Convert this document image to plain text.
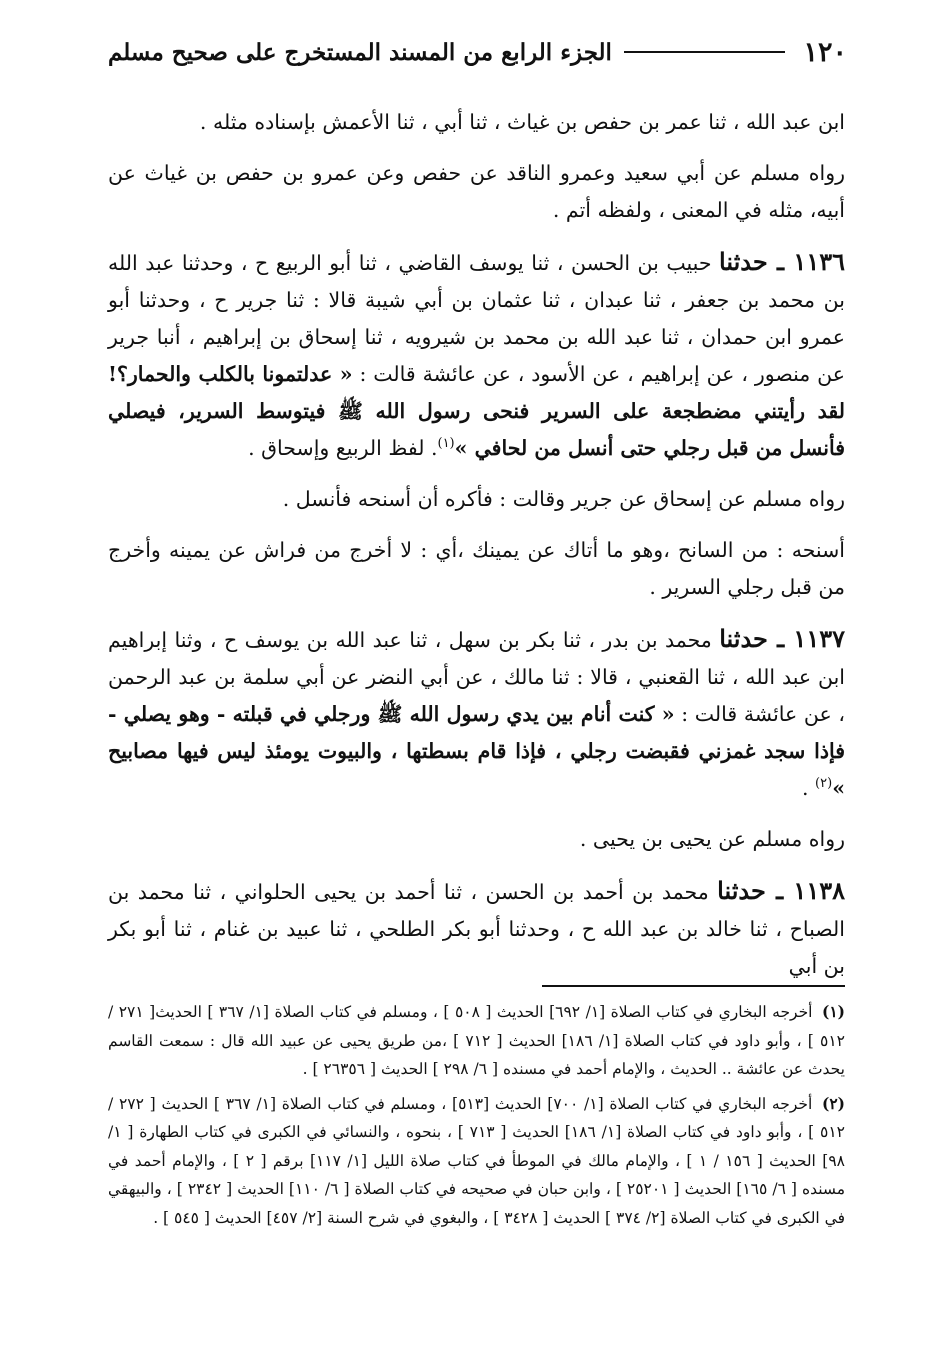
١٢٠
الجزء الرابع من المسند المستخرج على صحيح مسلم

ابن عبد الله ، ثنا عمر بن حفص بن غياث ، ثنا أبي ، ثنا الأعمش بإسناده مثله .

رواه مسلم عن أبي سعيد وعمرو الناقد عن حفص وعن عمرو بن حفص بن غياث عن أبيه، مثله في المعنى ، ولفظه أتم .

١١٣٦ ـ حدثنا حبيب بن الحسن ، ثنا يوسف القاضي ، ثنا أبو الربيع ح ، وحدثنا عبد الله بن محمد بن جعفر ، ثنا عبدان ، ثنا عثمان بن أبي شيبة قالا : ثنا جرير ح ، وحدثنا أبو عمرو ابن حمدان ، ثنا عبد الله بن محمد بن شيرويه ، ثنا إسحاق بن إبراهيم ، أنبا جرير عن منصور ، عن إبراهيم ، عن الأسود ، عن عائشة قالت : « عدلتمونا بالكلب والحمار؟! لقد رأيتني مضطجعة على السرير فنحى رسول الله ﷺ فيتوسط السرير، فيصلي فأنسل من قبل رجلي حتى أنسل من لحافي »$^{(١)}$. لفظ الربيع وإسحاق .

رواه مسلم عن إسحاق عن جرير وقالت : فأكره أن أسنحه فأنسل .

أسنحه : من السانح ،وهو ما أتاك عن يمينك ،أي : لا أخرج من فراش عن يمينه وأخرج من قبل رجلي السرير .

١١٣٧ ـ حدثنا محمد بن بدر ، ثنا بكر بن سهل ، ثنا عبد الله بن يوسف ح ، وثنا إبراهيم ابن عبد الله ، ثنا القعنبي ، قالا : ثنا مالك ، عن أبي النضر عن أبي سلمة بن عبد الرحمن ، عن عائشة قالت : « كنت أنام بين يدي رسول الله ﷺ ورجلي في قبلته - وهو يصلي - فإذا سجد غمزني فقبضت رجلي ، فإذا قام بسطتها ، والبيوت يومئذ ليس فيها مصابيح »$^{(٢)}$ .

رواه مسلم عن يحيى بن يحيى .

١١٣٨ ـ حدثنا محمد بن أحمد بن الحسن ، ثنا أحمد بن يحيى الحلواني ، ثنا محمد بن الصباح ، ثنا خالد بن عبد الله ح ، وحدثنا أبو بكر الطلحي ، ثنا عبيد بن غنام ، ثنا أبو بكر بن أبي

(١) أخرجه البخاري في كتاب الصلاة [١/ ٦٩٢] الحديث [ ٥٠٨ ] ، ومسلم في كتاب الصلاة [١/ ٣٦٧ ] الحديث[ ٢٧١ / ٥١٢ ] ، وأبو داود في كتاب الصلاة [١/ ١٨٦] الحديث [ ٧١٢ ] ،من طريق يحيى عن عبيد الله قال : سمعت القاسم يحدث عن عائشة .. الحديث ، والإمام أحمد في مسنده [ ٦/ ٢٩٨ ] الحديث [ ٢٦٣٥٦ ] .

(٢) أخرجه البخاري في كتاب الصلاة [١/ ٧٠٠] الحديث [٥١٣] ، ومسلم في كتاب الصلاة [١/ ٣٦٧ ] الحديث [ ٢٧٢ / ٥١٢ ] ، وأبو داود في كتاب الصلاة [١/ ١٨٦] الحديث [ ٧١٣ ] ، بنحوه ، والنسائي في الكبرى في كتاب الطهارة [ ١/ ٩٨] الحديث [ ١٥٦ / ١ ] ، والإمام مالك في الموطأ في كتاب صلاة الليل [١/ ١١٧] برقم [ ٢ ] ، والإمام أحمد في مسنده [ ٦/ ١٦٥] الحديث [ ٢٥٢٠١ ] ، وابن حبان في صحيحه في كتاب الصلاة [ ٦/ ١١٠] الحديث [ ٢٣٤٢ ] ، والبيهقي في الكبرى في كتاب الصلاة [٢/ ٣٧٤ ] الحديث [ ٣٤٢٨ ] ، والبغوي في شرح السنة [٢/ ٤٥٧] الحديث [ ٥٤٥ ] .
